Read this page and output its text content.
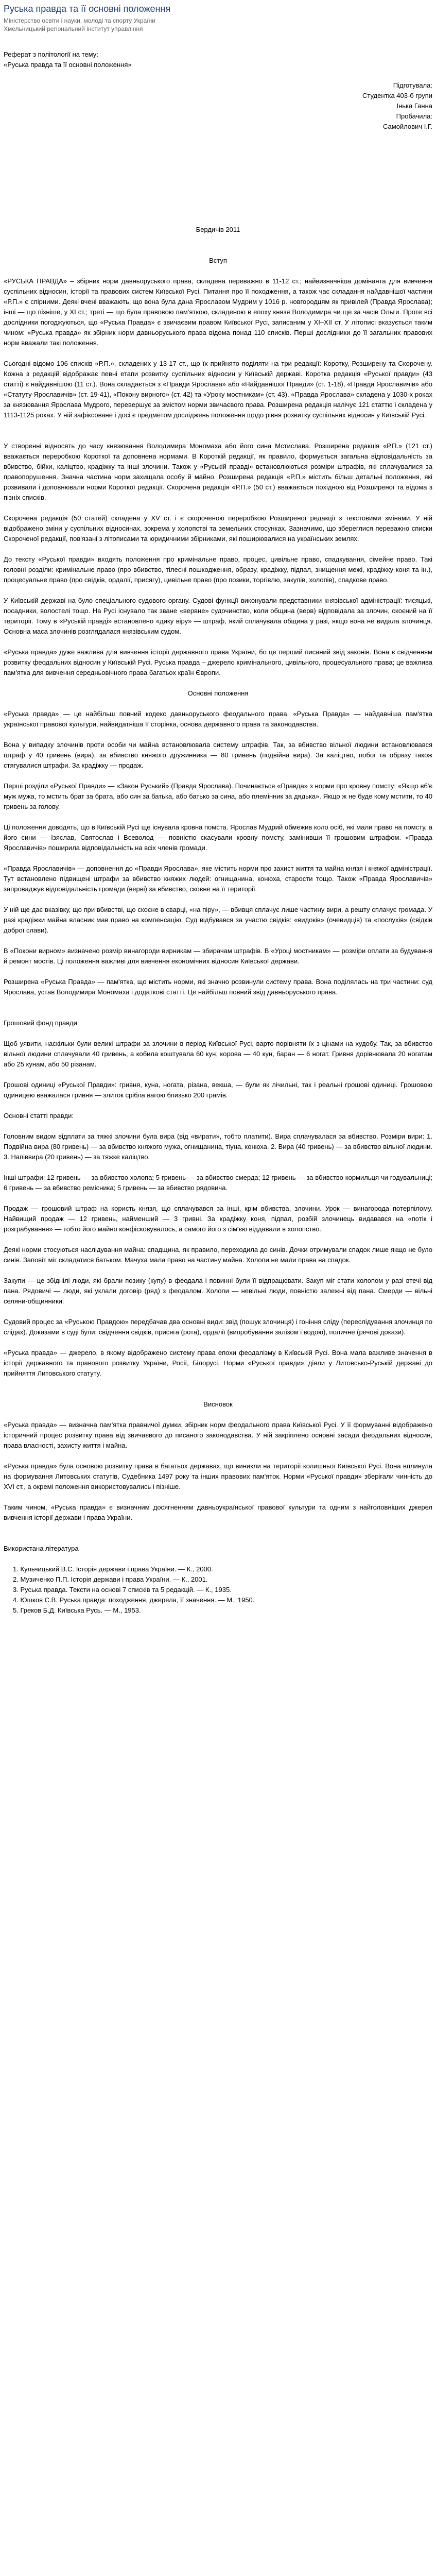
Руська правда та її основні положення
Міністерство освіти і науки, молоді та спорту України
Хмельницький регіональний інститут управління

Реферат з політології на тему:

«Руська правда та її основні положення»

Підготувала:

Студентка 403-б групи

Інька Ганна

Пробачила:

Самойлович І.Г.

Бердичів 2011

Вступ

«РУСЬКА ПРАВДА» – збірник норм давньоруського права, складена переважно в 11-12 ст.; найвизначніша домінанта для вивчення суспільних відносин, історії та правових систем Київської Русі. Питання про її походження, а також час складання найдавнішої частини «Р.П.» є спірними. Деякі вчені вважають, що вона була дана Ярославом Мудрим у 1016 р. новгородцям як привілей (Правда Ярослава); інші — що пізніше, у XI ст.; треті — що була правовою пам'яткою, складеною в епоху князя Володимира чи ще за часів Ольги. Проте всі дослідники погоджуються, що «Руська Правда» є звичаєвим правом Київської Русі, записаним у XI–XII ст. У літописі вказується таким чином: «Руська правда» як збірник норм давньоруського права відома понад 110 списків. Перші дослідники до її загальних правових норм вважали такі положення.

Сьогодні відомо 106 списків «Р.П.», складених у 13-17 ст., що їх прийнято поділяти на три редакції: Коротку, Розширену та Скорочену. Кожна з редакцій відображає певні етапи розвитку суспільних відносин у Київській державі. Коротка редакція «Руської правди» (43 статті) є найдавнішою (11 ст.). Вона складається з «Правди Ярослава» або «Найдавнішої Правди» (ст. 1-18), «Правди Ярославичів» або «Статуту Ярославичів» (ст. 19-41), «Покону вирного» (ст. 42) та «Уроку мостникам» (ст. 43). «Правда Ярослава» складена у 1030-х роках за князювання Ярослава Мудрого, перевершує за змістом норми звичаєвого права. Розширена редакція налічує 121 статтю і складена у 1113-1125 роках. У ній зафіксоване і досі є предметом досліджень положення щодо рівня розвитку суспільних відносин у Київській Русі.

У створенні відносять до часу князювання Володимира Мономаха або його сина Мстислава. Розширена редакція «Р.П.» (121 ст.) вважається переробкою Короткої та доповнена нормами. В Короткій редакції, як правило, формується загальна відповідальність за вбивство, бійки, каліцтво, крадіжку та інші злочини. Також у «Руській правді» встановлюються розміри штрафів, які сплачувалися за правопорушення. Значна частина норм захищала особу й майно. Розширена редакція «Р.П.» містить більш детальні положення, які розвивали і доповнювали норми Короткої редакції. Скорочена редакція «Р.П.» (50 ст.) вважається похідною від Розширеної та відома з пізніх списків.

Скорочена редакція (50 статей) складена у XV ст. і є скороченою переробкою Розширеної редакції з текстовими змінами. У ній відображено зміни у суспільних відносинах, зокрема у холопстві та земельних стосунках. Зазначимо, що збереглися переважно списки Скороченої редакції, пов'язані з літописами та юридичними збірниками, які поширювалися на українських землях.

До тексту «Руської правди» входять положення про кримінальне право, процес, цивільне право, спадкування, сімейне право. Такі головні розділи: кримінальне право (про вбивство, тілесні пошкодження, образу, крадіжку, підпал, знищення межі, крадіжку коня та ін.), процесуальне право (про свідків, ордалії, присягу), цивільне право (про позики, торгівлю, закупів, холопів), спадкове право.

У Київській державі на було спеціального судового органу. Судові функції виконували представники князівської адміністрації: тисяцькі, посадники, волостелі тощо. На Русі існувало так зване «вервне» судочинство, коли община (верв) відповідала за злочин, скоєний на її території. Тому в «Руській правді» встановлено «дику віру» — штраф, який сплачувала община у разі, якщо вона не видала злочинця. Основна маса злочинів розглядалася князівським судом.

«Руська правда» дуже важлива для вивчення історії державного права України, бо це перший писаний звід законів. Вона є свідченням розвитку феодальних відносин у Київській Русі. Руська правда – джерело кримінального, цивільного, процесуального права; це важлива пам'ятка для вивчення середньовічного права багатьох країн Європи.

Основні положення

«Руська правда» — це найбільш повний кодекс давньоруського феодального права. «Руська Правда» — найдавніша пам'ятка української правової культури, найвидатніша її сторінка, основа державного права та законодавства.

Вона у випадку злочинів проти особи чи майна встановлювала систему штрафів. Так, за вбивство вільної людини встановлювався штраф у 40 гривень (вира), за вбивство княжого дружинника — 80 гривень (подвійна вира). За каліцтво, побої та образу також стягувалися штрафи. За крадіжку — продаж.

Перші розділи «Руської Правди» — «Закон Руський» (Правда Ярослава). Починається «Правда» з норми про кровну помсту: «Якщо вб'є муж мужа, то мстить брат за брата, або син за батька, або батько за сина, або племінник за дядька». Якщо ж не буде кому мстити, то 40 гривень за голову.

Ці положення доводять, що в Київській Русі ще існувала кровна помста. Ярослав Мудрий обмежив коло осіб, які мали право на помсту, а його сини — Ізяслав, Святослав і Всеволод — повністю скасували кровну помсту, замінивши її грошовим штрафом. «Правда Ярославичів» поширила відповідальність на всіх членів громади.

«Правда Ярославичів» — доповнення до «Правди Ярослава», яке містить норми про захист життя та майна князя і княжої адміністрації. Тут встановлено підвищені штрафи за вбивство княжих людей: огнищанина, конюха, старости тощо. Також «Правда Ярославичів» запроваджує відповідальність громади (верві) за вбивство, скоєне на її території.

У ній ще дає вказівку, що при вбивстві, що скоєне в сварці, «на піру», — вбивця сплачує лише частину вири, а решту сплачує громада. У разі крадіжки майна власник мав право на компенсацію. Суд відбувався за участю свідків: «видоків» (очевидців) та «послухів» (свідків доброї слави).

В «Покони вирном» визначено розмір винагороди вирникам — збирачам штрафів. В «Уроці мостникам» — розміри оплати за будування й ремонт мостів. Ці положення важливі для вивчення економічних відносин Київської держави.

Розширена «Руська Правда» — пам'ятка, що містить норми, які значно розвинули систему права. Вона поділялась на три частини: суд Ярослава, устав Володимира Мономаха і додаткові статті. Це найбільш повний звід давньоруського права.

Грошовий фонд правди

Щоб уявити, наскільки були великі штрафи за злочини в період Київської Русі, варто порівняти їх з цінами на худобу. Так, за вбивство вільної людини сплачували 40 гривень, а кобила коштувала 60 кун, корова — 40 кун, баран — 6 ногат. Гривня дорівнювала 20 ногатам або 25 кунам, або 50 різанам.

Грошові одиниці «Руської Правди»: гривня, куна, ногата, різана, векша, — були як лічильні, так і реальні грошові одиниці. Грошовою одиницею вважалася гривня — злиток срібла вагою близько 200 грамів.

Основні статті правди:

Головним видом відплати за тяжкі злочини була вира (від «вирати», тобто платити). Вира сплачувалася за вбивство. Розміри вири: 1. Подвійна вира (80 гривень) — за вбивство княжого мужа, огнищанина, тіуна, конюха. 2. Вира (40 гривень) — за вбивство вільної людини. 3. Напіввира (20 гривень) — за тяжке каліцтво.

Інші штрафи: 12 гривень — за вбивство холопа; 5 гривень — за вбивство смерда; 12 гривень — за вбивство кормильця чи годувальниці; 6 гривень — за вбивство ремісника; 5 гривень — за вбивство рядовича.

Продаж — грошовий штраф на користь князя, що сплачувався за інші, крім вбивства, злочини. Урок — винагорода потерпілому. Найвищий продаж — 12 гривень, найменший — 3 гривні. За крадіжку коня, підпал, розбій злочинець видавався на «потік і розграбування» — тобто його майно конфісковувалось, а самого його з сім'єю віддавали в холопство.

Деякі норми стосуються наслідування майна: спадщина, як правило, переходила до синів. Дочки отримували спадок лише якщо не було синів. Заповіт міг складатися батьком. Мачуха мала право на частину майна. Холопи не мали права на спадок.

Закупи — це збіднілі люди, які брали позику (купу) в феодала і повинні були її відпрацювати. Закуп міг стати холопом у разі втечі від пана. Рядовичі — люди, які уклали договір (ряд) з феодалом. Холопи — невільні люди, повністю залежні від пана. Смерди — вільні селяни-общинники.

Судовий процес за «Руською Правдою» передбачав два основні види: звід (пошук злочинця) і гоніння сліду (переслідування злочинця по слідах). Доказами в суді були: свідчення свідків, присяга (рота), ордалії (випробування залізом і водою), поличне (речові докази).

«Руська правда» — джерело, в якому відображено систему права епохи феодалізму в Київській Русі. Вона мала важливе значення в історії державного та правового розвитку України, Росії, Білорусі. Норми «Руської правди» діяли у Литовсько-Руській державі до прийняття Литовського статуту.

Висновок

«Руська правда» — визначна пам'ятка правничої думки, збірник норм феодального права Київської Русі. У її формуванні відображено історичний процес розвитку права від звичаєвого до писаного законодавства. У ній закріплено основні засади феодальних відносин, права власності, захисту життя і майна.

«Руська правда» була основою розвитку права в багатьох державах, що виникли на території колишньої Київської Русі. Вона вплинула на формування Литовських статутів, Судебника 1497 року та інших правових пам'яток. Норми «Руської правди» зберігали чинність до XVI ст., а окремі положення використовувались і пізніше.

Таким чином, «Руська правда» є визначним досягненням давньоукраїнської правової культури та одним з найголовніших джерел вивчення історії держави і права України.

Використана література

1. Кульчицький В.С. Історія держави і права України. — К., 2000.
2. Музиченко П.П. Історія держави і права України. — К., 2001.
3. Руська правда. Тексти на основі 7 списків та 5 редакцій. — К., 1935.
4. Юшков С.В. Руська правда: походження, джерела, її значення. — М., 1950.
5. Греков Б.Д. Київська Русь. — М., 1953.
